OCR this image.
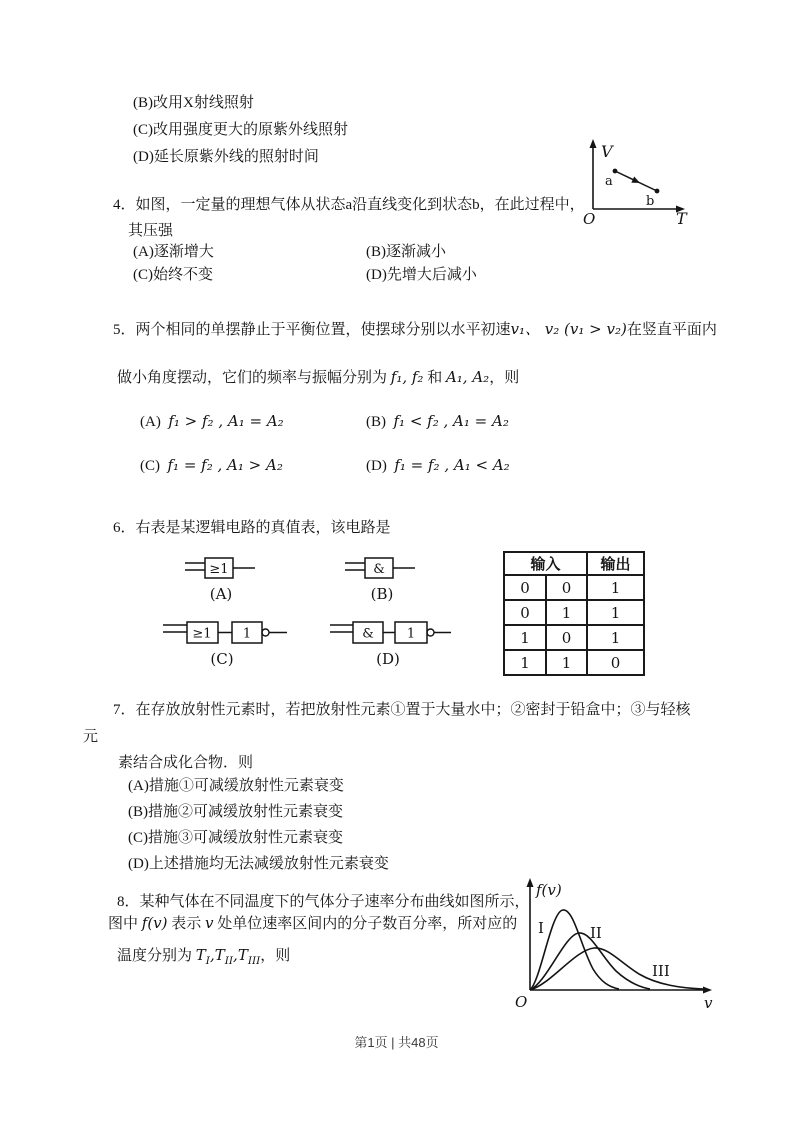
(B)改用X射线照射
(C)改用强度更大的原紫外线照射
(D)延长原紫外线的照射时间	V
T
O
a
b
4．如图，一定量的理想气体从状态a沿直线变化到状态b，在此过程中，
其压强
(A)逐渐增大	(B)逐渐减小
(C)始终不变	(D)先增大后减小
5．两个相同的单摆静止于平衡位置，使摆球分别以水平初速v₁、 v₂ (v₁ > v₂)在竖直平面内
做小角度摆动，它们的频率与振幅分别为 f₁, f₂ 和 A₁, A₂，则
(A) f₁ > f₂ , A₁ = A₂	(B) f₁ < f₂ , A₁ = A₂
(C) f₁ = f₂ , A₁ > A₂	(D) f₁ = f₂ , A₁ < A₂
6．右表是某逻辑电路的真值表，该电路是
≥1
(A)
&
(B)
≥1 1
(C)
&	1
(D)
输入		输出
0	0	1
0	1	1
1	0	1
1	1	0
7．在存放放射性元素时，若把放射性元素①置于大量水中；②密封于铅盒中；③与轻核
元
素结合成化合物．则
(A)措施①可减缓放射性元素衰变
(B)措施②可减缓放射性元素衰变
(C)措施③可减缓放射性元素衰变
(D)上述措施均无法减缓放射性元素衰变
8．某种气体在不同温度下的气体分子速率分布曲线如图所示，
图中 f(v) 表示 v 处单位速率区间内的分子数百分率，所对应的
温度分别为 $T_I,T_{II},T_{III}$，则
f(v)
v
O
I	II
III
第1页 | 共48页
